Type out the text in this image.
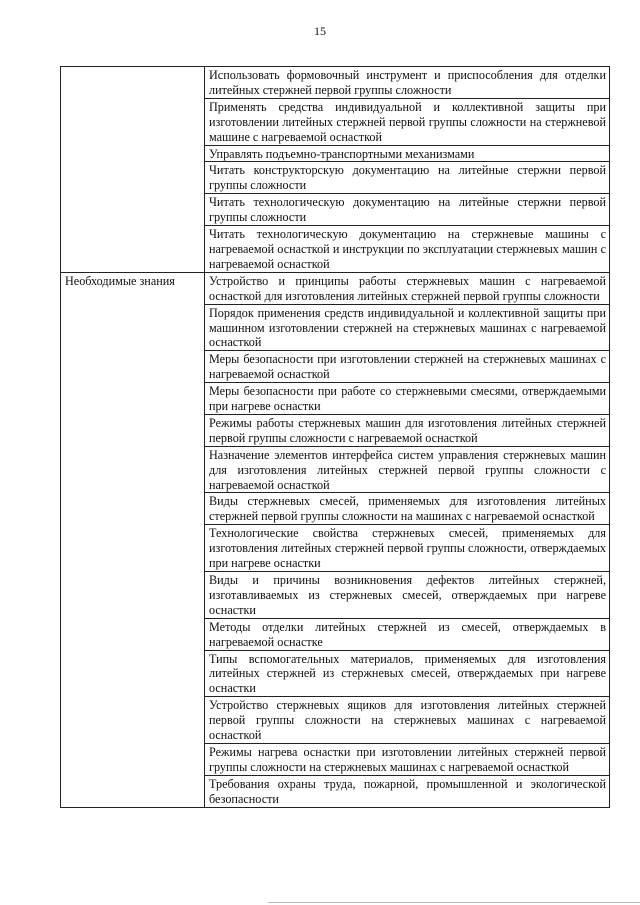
15
	Использовать формовочный инструмент и приспособления для отделки литейных стержней первой группы сложности
	Применять средства индивидуальной и коллективной защиты при изготовлении литейных стержней первой группы сложности на стержневой машине с нагреваемой оснасткой
	Управлять подъемно-транспортными механизмами
	Читать конструкторскую документацию на литейные стержни первой группы сложности
	Читать технологическую документацию на литейные стержни первой группы сложности
	Читать технологическую документацию на стержневые машины с нагреваемой оснасткой и инструкции по эксплуатации стержневых машин с нагреваемой оснасткой
Необходимые знания	Устройство и принципы работы стержневых машин с нагреваемой оснасткой для изготовления литейных стержней первой группы сложности
	Порядок применения средств индивидуальной и коллективной защиты при машинном изготовлении стержней на стержневых машинах с нагреваемой оснасткой
	Меры безопасности при изготовлении стержней на стержневых машинах с нагреваемой оснасткой
	Меры безопасности при работе со стержневыми смесями, отверждаемыми при нагреве оснастки
	Режимы работы стержневых машин для изготовления литейных стержней первой группы сложности с нагреваемой оснасткой
	Назначение элементов интерфейса систем управления стержневых машин для изготовления литейных стержней первой группы сложности с нагреваемой оснасткой
	Виды стержневых смесей, применяемых для изготовления литейных стержней первой группы сложности на машинах с нагреваемой оснасткой
	Технологические свойства стержневых смесей, применяемых для изготовления литейных стержней первой группы сложности, отверждаемых при нагреве оснастки
	Виды и причины возникновения дефектов литейных стержней, изготавливаемых из стержневых смесей, отверждаемых при нагреве оснастки
	Методы отделки литейных стержней из смесей, отверждаемых в нагреваемой оснастке
	Типы вспомогательных материалов, применяемых для изготовления литейных стержней из стержневых смесей, отверждаемых при нагреве оснастки
	Устройство стержневых ящиков для изготовления литейных стержней первой группы сложности на стержневых машинах с нагреваемой оснасткой
	Режимы нагрева оснастки при изготовлении литейных стержней первой группы сложности на стержневых машинах с нагреваемой оснасткой
	Требования охраны труда, пожарной, промышленной и экологической безопасности
